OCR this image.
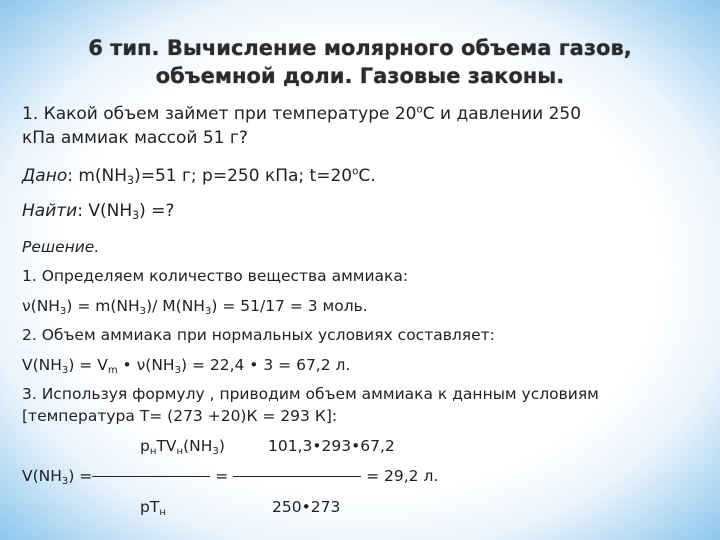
6 тип. Вычисление молярного объема газов,
объемной доли. Газовые законы.
1. Какой объем займет при температуре $20^оС$ и давлении 250
кПа аммиак массой 51 г?
Дано: $m(NH_3)=51$ г; p=250 кПа; $t=20^оС$.
Найти: $V(NH_3)$ =?
Решение.
1. Определяем количество вещества аммиака:
$\nu(NH_3) = m(NH_3)/$ $M(NH_3) = 51/17 = 3$ моль.
2. Объем аммиака при нормальных условиях составляет:
$V(NH_3) = V_m$ • $\nu(NH_3) = 22,4$ • 3 = 67,2 л.
3. Используя формулу , приводим объем аммиака к данным условиям
[температура Т= (273 +20)К = 293 К]:
$p_нTV_н(NH_3)$	101,3•293•67,2
$V(NH_3)$ =	=	= 29,2 л.
$pT_н$	250•273
